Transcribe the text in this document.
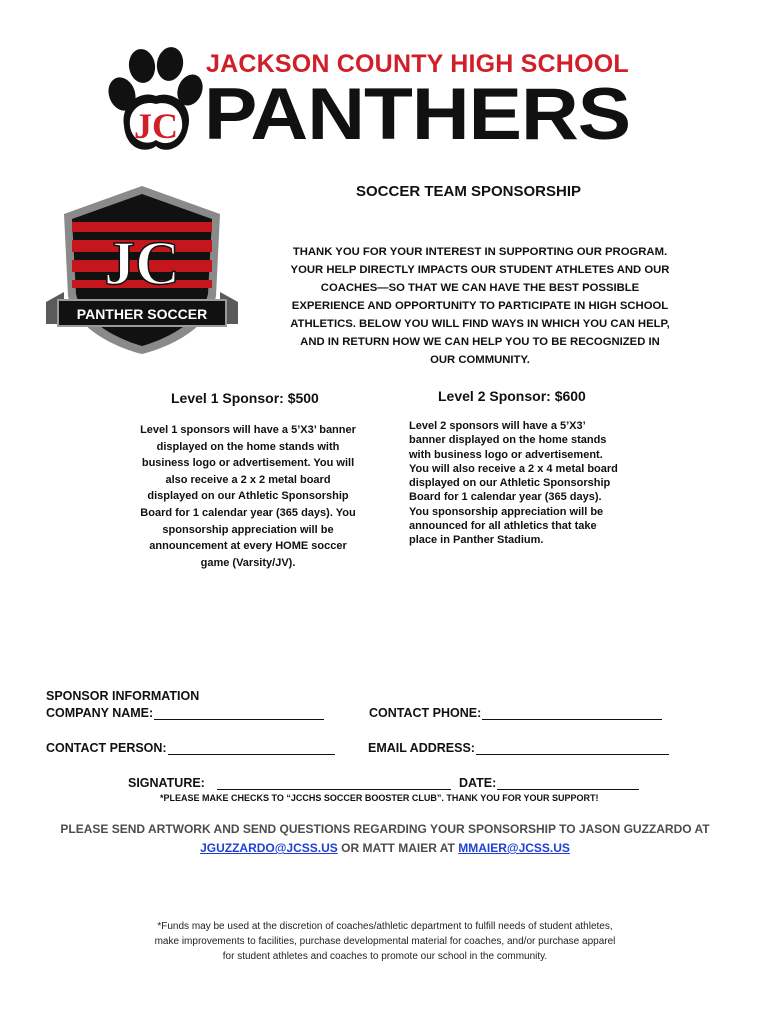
JC
JACKSON COUNTY HIGH SCHOOL
PANTHERS
JC
PANTHER SOCCER
SOCCER TEAM SPONSORSHIP
THANK YOU FOR YOUR INTEREST IN SUPPORTING OUR PROGRAM. YOUR HELP DIRECTLY IMPACTS OUR STUDENT ATHLETES AND OUR COACHES—SO THAT WE CAN HAVE THE BEST POSSIBLE EXPERIENCE AND OPPORTUNITY TO PARTICIPATE IN HIGH SCHOOL ATHLETICS. BELOW YOU WILL FIND WAYS IN WHICH YOU CAN HELP, AND IN RETURN HOW WE CAN HELP YOU TO BE RECOGNIZED IN OUR COMMUNITY.
Level 1 Sponsor: $500
Level 1 sponsors will have a 5’X3’ banner displayed on the home stands with business logo or advertisement. You will also receive a 2 x 2 metal board displayed on our Athletic Sponsorship Board for 1 calendar year (365 days). You sponsorship appreciation will be announcement at every HOME soccer game (Varsity/JV).
Level 2 Sponsor: $600
Level 2 sponsors will have a 5’X3’ banner displayed on the home stands with business logo or advertisement. You will also receive a 2 x 4 metal board displayed on our Athletic Sponsorship Board for 1 calendar year (365 days). You sponsorship appreciation will be announced for all athletics that take place in Panther Stadium.
SPONSOR INFORMATION
COMPANY NAME:	CONTACT PHONE:
CONTACT PERSON:	EMAIL ADDRESS:
SIGNATURE:	DATE:
*PLEASE MAKE CHECKS TO “JCCHS SOCCER BOOSTER CLUB”. THANK YOU FOR YOUR SUPPORT!
PLEASE SEND ARTWORK AND SEND QUESTIONS REGARDING YOUR SPONSORSHIP TO JASON GUZZARDO AT JGUZZARDO@JCSS.US OR MATT MAIER AT MMAIER@JCSS.US
*Funds may be used at the discretion of coaches/athletic department to fulfill needs of student athletes, make improvements to facilities, purchase developmental material for coaches, and/or purchase apparel for student athletes and coaches to promote our school in the community.
